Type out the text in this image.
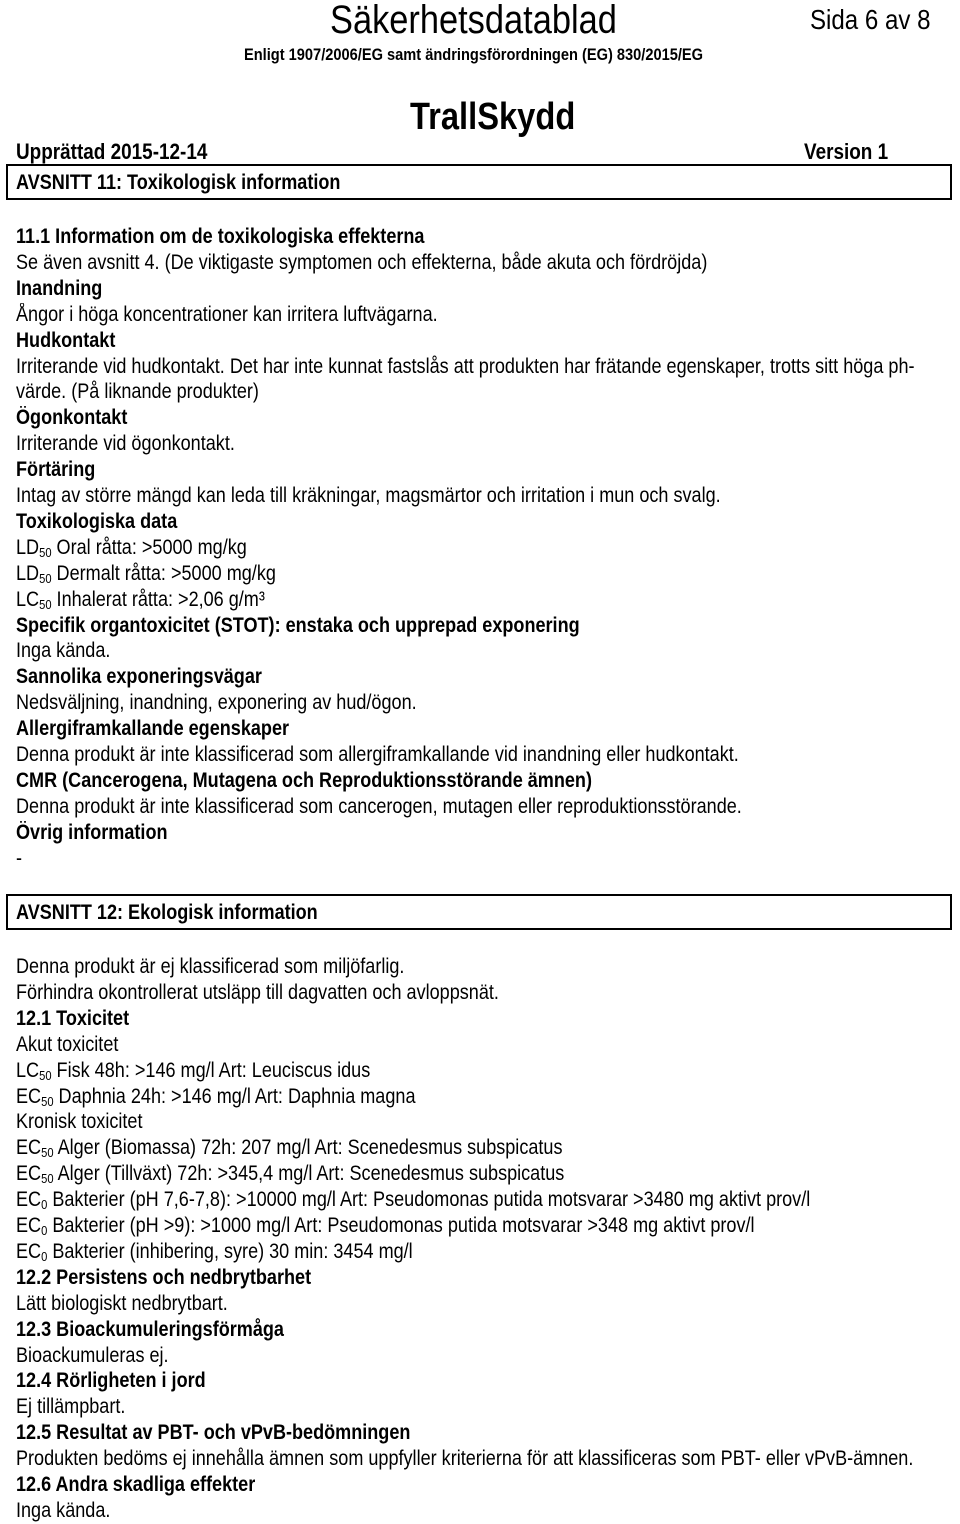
Säkerhetsdatablad	Sida 6 av 8
Enligt 1907/2006/EG samt ändringsförordningen (EG) 830/2015/EG
TrallSkydd
Upprättad 2015-12-14	Version 1
AVSNITT 11: Toxikologisk information
11.1 Information om de toxikologiska effekterna
Se även avsnitt 4. (De viktigaste symptomen och effekterna, både akuta och fördröjda)
Inandning
Ångor i höga koncentrationer kan irritera luftvägarna.
Hudkontakt
Irriterande vid hudkontakt. Det har inte kunnat fastslås att produkten har frätande egenskaper, trotts sitt höga ph-
värde. (På liknande produkter)
Ögonkontakt
Irriterande vid ögonkontakt.
Förtäring
Intag av större mängd kan leda till kräkningar, magsmärtor och irritation i mun och svalg.
Toxikologiska data
$LD_{50}$ Oral råtta: >5000 mg/kg
$LD_{50}$ Dermalt råtta: >5000 mg/kg
$LC_{50}$ Inhalerat råtta: >2,06 g/m³
Specifik organtoxicitet (STOT): enstaka och upprepad exponering
Inga kända.
Sannolika exponeringsvägar
Nedsväljning, inandning, exponering av hud/ögon.
Allergiframkallande egenskaper
Denna produkt är inte klassificerad som allergiframkallande vid inandning eller hudkontakt.
CMR (Cancerogena, Mutagena och Reproduktionsstörande ämnen)
Denna produkt är inte klassificerad som cancerogen, mutagen eller reproduktionsstörande.
Övrig information
-
AVSNITT 12: Ekologisk information
Denna produkt är ej klassificerad som miljöfarlig.
Förhindra okontrollerat utsläpp till dagvatten och avloppsnät.
12.1 Toxicitet
Akut toxicitet
$LC_{50}$ Fisk 48h: >146 mg/l Art: Leuciscus idus
$EC_{50}$ Daphnia 24h: >146 mg/l Art: Daphnia magna
Kronisk toxicitet
$EC_{50}$ Alger (Biomassa) 72h: 207 mg/l Art: Scenedesmus subspicatus
$EC_{50}$ Alger (Tillväxt) 72h: >345,4 mg/l Art: Scenedesmus subspicatus
$EC_0$ Bakterier (pH 7,6-7,8): >10000 mg/l Art: Pseudomonas putida motsvarar >3480 mg aktivt prov/l
$EC_0$ Bakterier (pH >9): >1000 mg/l Art: Pseudomonas putida motsvarar >348 mg aktivt prov/l
$EC_0$ Bakterier (inhibering, syre) 30 min: 3454 mg/l
12.2 Persistens och nedbrytbarhet
Lätt biologiskt nedbrytbart.
12.3 Bioackumuleringsförmåga
Bioackumuleras ej.
12.4 Rörligheten i jord
Ej tillämpbart.
12.5 Resultat av PBT- och vPvB-bedömningen
Produkten bedöms ej innehålla ämnen som uppfyller kriterierna för att klassificeras som PBT- eller vPvB-ämnen.
12.6 Andra skadliga effekter
Inga kända.
